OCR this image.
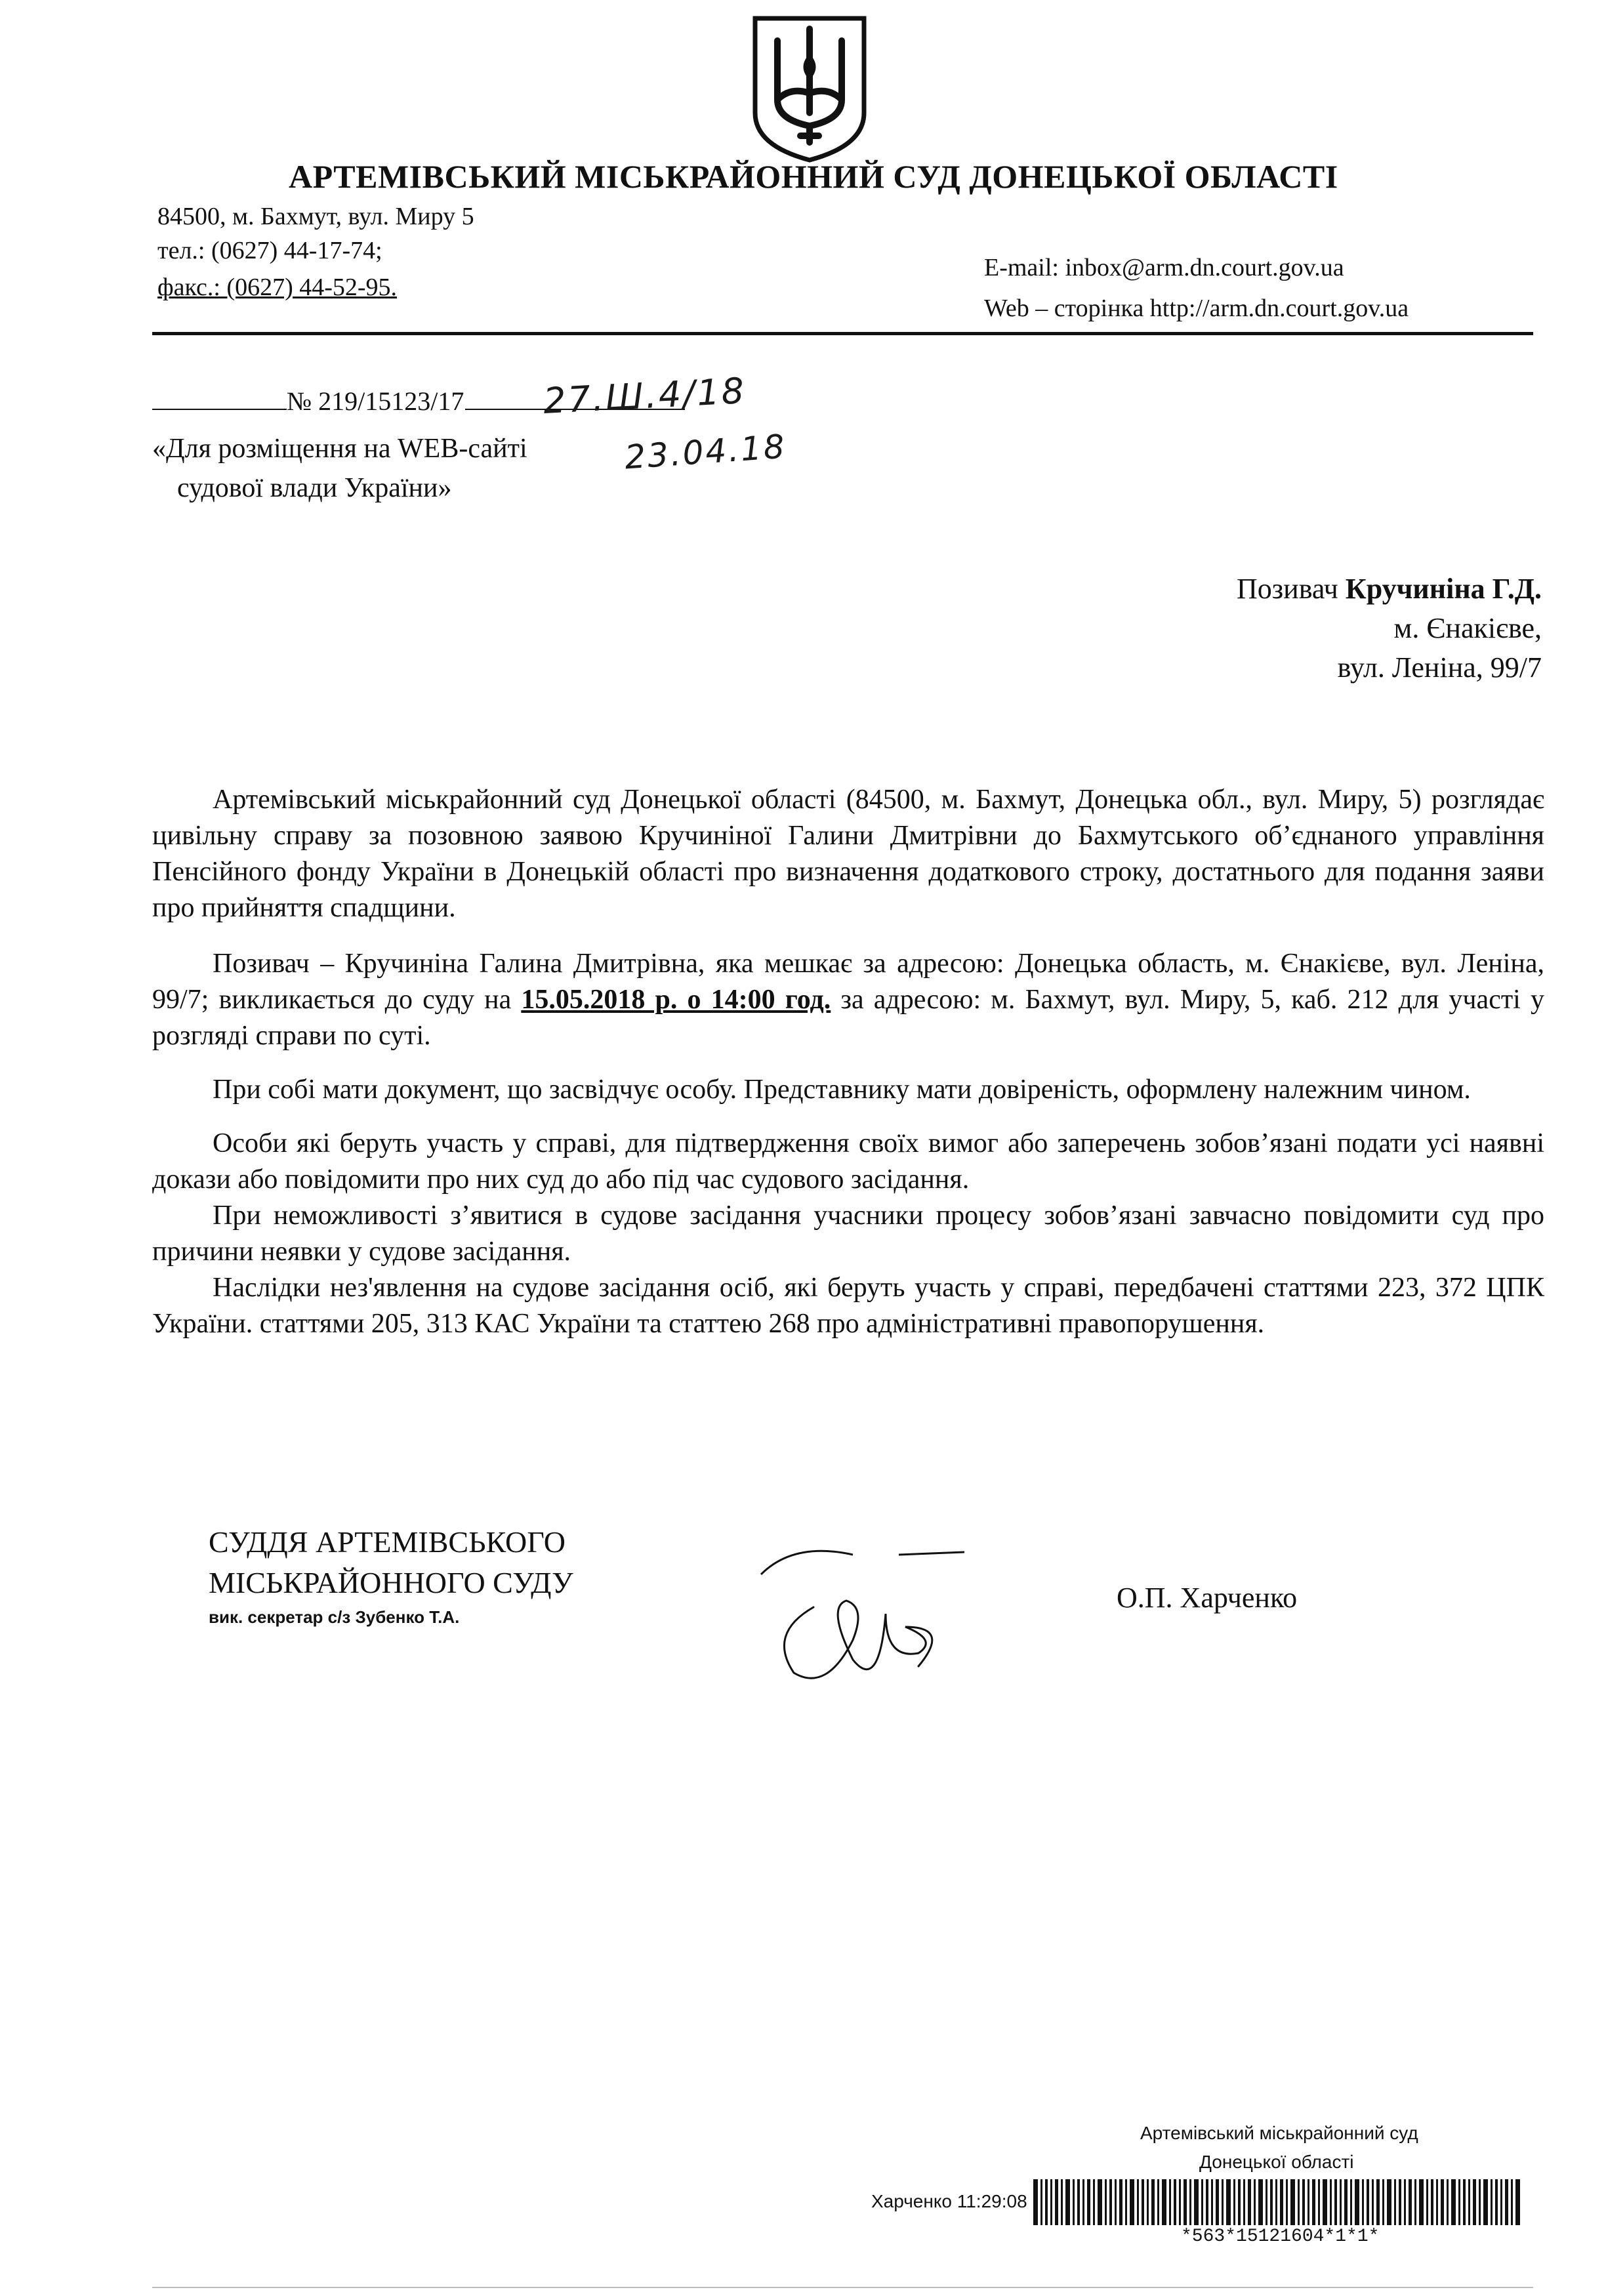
АРТЕМІВСЬКИЙ МІСЬКРАЙОННИЙ СУД ДОНЕЦЬКОЇ ОБЛАСТІ
84500, м. Бахмут, вул. Миру 5
тел.: (0627) 44-17-74;
факс.: (0627) 44-52-95.
E-mail: inbox@arm.dn.court.gov.ua
Web – сторінка http://arm.dn.court.gov.ua
№ 219/15123/17	27.Ш.4/18
«Для розміщення на WEB-сайті	23.04.18
судової влади України»
Позивач Кручиніна Г.Д.
м. Єнакієве,
вул. Леніна, 99/7
Артемівський міськрайонний суд Донецької області (84500, м. Бахмут, Донецька обл., вул. Миру, 5) розглядає цивільну справу за позовною заявою Кручиніної Галини Дмитрівни до Бахмутського об’єднаного управління Пенсійного фонду України в Донецькій області про визначення додаткового строку, достатнього для подання заяви про прийняття спадщини.
Позивач – Кручиніна Галина Дмитрівна, яка мешкає за адресою: Донецька область, м. Єнакієве, вул. Леніна, 99/7; викликається до суду на 15.05.2018 р. о 14:00 год. за адресою: м. Бахмут, вул. Миру, 5, каб. 212 для участі у розгляді справи по суті.
При собі мати документ, що засвідчує особу. Представнику мати довіреність, оформлену належним чином.
Особи які беруть участь у справі, для підтвердження своїх вимог або заперечень зобов’язані подати усі наявні докази або повідомити про них суд до або під час судового засідання.
При неможливості з’явитися в судове засідання учасники процесу зобов’язані завчасно повідомити суд про причини неявки у судове засідання.
Наслідки нез'явлення на судове засідання осіб, які беруть участь у справі, передбачені статтями 223, 372 ЦПК України. статтями 205, 313 КАС України та статтею 268 про адміністративні правопорушення.
СУДДЯ АРТЕМІВСЬКОГО
МІСЬКРАЙОННОГО СУДУ
вик. секретар с/з Зубенко Т.А.
О.П. Харченко
Артемівський міськрайонний суд
Донецької області
Харченко 11:29:08
*563*15121604*1*1*
